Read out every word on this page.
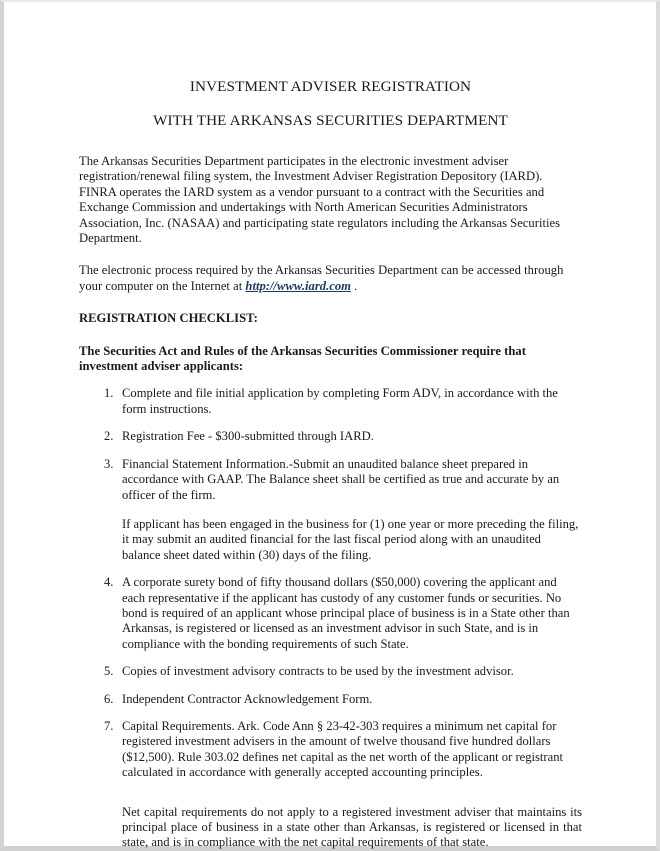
INVESTMENT ADVISER REGISTRATION
WITH THE ARKANSAS SECURITIES DEPARTMENT

The Arkansas Securities Department participates in the electronic investment adviser registration/renewal filing system, the Investment Adviser Registration Depository (IARD). FINRA operates the IARD system as a vendor pursuant to a contract with the Securities and Exchange Commission and undertakings with North American Securities Administrators Association, Inc. (NASAA) and participating state regulators including the Arkansas Securities Department.

The electronic process required by the Arkansas Securities Department can be accessed through your computer on the Internet at http://www.iard.com .

REGISTRATION CHECKLIST:

The Securities Act and Rules of the Arkansas Securities Commissioner require that investment adviser applicants:

1. Complete and file initial application by completing Form ADV, in accordance with the form instructions.

2. Registration Fee - $300-submitted through IARD.

3. Financial Statement Information.-Submit an unaudited balance sheet prepared in accordance with GAAP. The Balance sheet shall be certified as true and accurate by an officer of the firm.

If applicant has been engaged in the business for (1) one year or more preceding the filing, it may submit an audited financial for the last fiscal period along with an unaudited balance sheet dated within (30) days of the filing.

4. A corporate surety bond of fifty thousand dollars ($50,000) covering the applicant and each representative if the applicant has custody of any customer funds or securities. No bond is required of an applicant whose principal place of business is in a State other than Arkansas, is registered or licensed as an investment advisor in such State, and is in compliance with the bonding requirements of such State.

5. Copies of investment advisory contracts to be used by the investment advisor.

6. Independent Contractor Acknowledgement Form.

7. Capital Requirements. Ark. Code Ann § 23-42-303 requires a minimum net capital for registered investment advisers in the amount of twelve thousand five hundred dollars ($12,500). Rule 303.02 defines net capital as the net worth of the applicant or registrant calculated in accordance with generally accepted accounting principles.

Net capital requirements do not apply to a registered investment adviser that maintains its principal place of business in a state other than Arkansas, is registered or licensed in that state, and is in compliance with the net capital requirements of that state.
